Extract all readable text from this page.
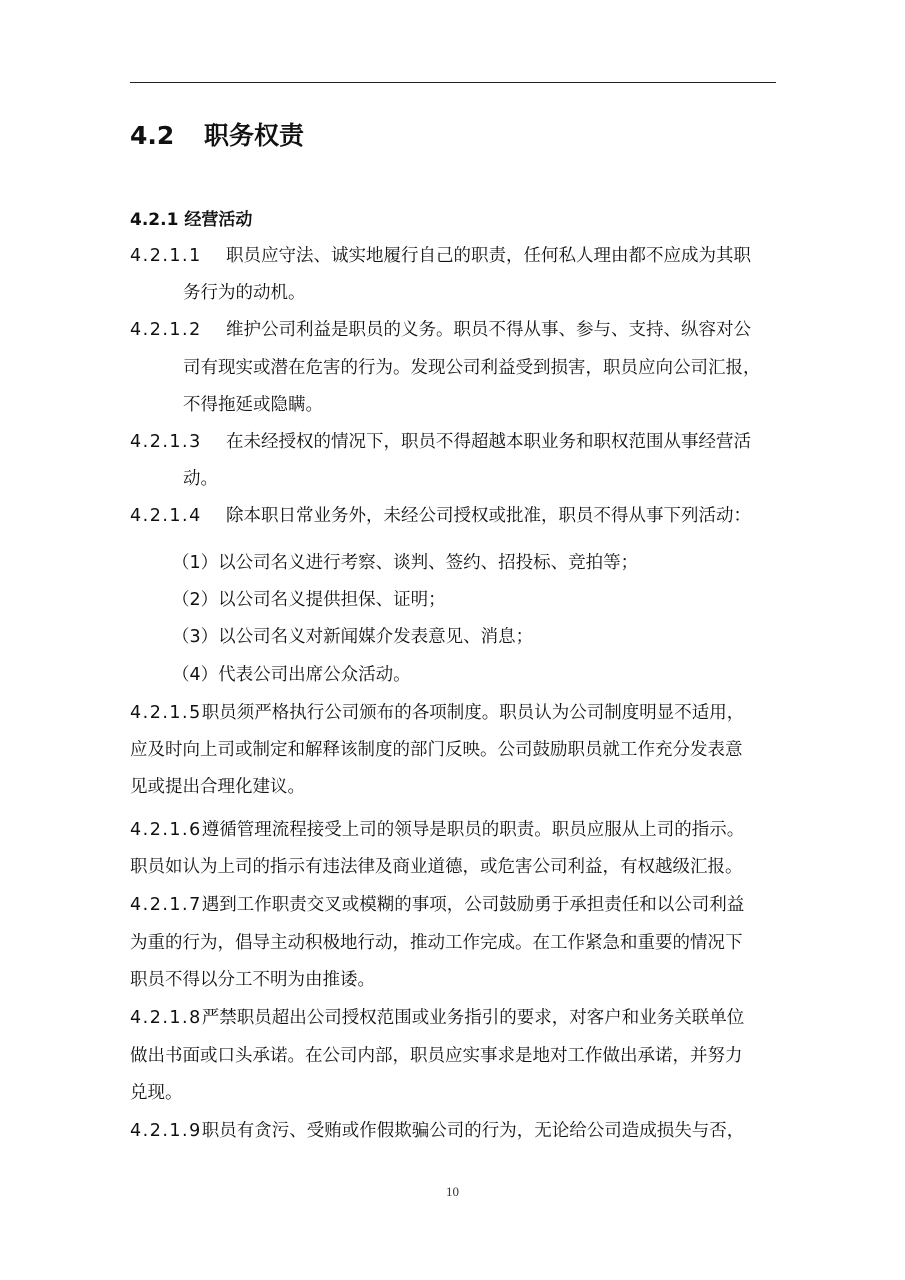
4.2 职务权责
4.2.1 经营活动
4.2.1.1 职员应守法、诚实地履行自己的职责，任何私人理由都不应成为其职
务行为的动机。
4.2.1.2 维护公司利益是职员的义务。职员不得从事、参与、支持、纵容对公
司有现实或潜在危害的行为。发现公司利益受到损害，职员应向公司汇报，
不得拖延或隐瞒。
4.2.1.3 在未经授权的情况下，职员不得超越本职业务和职权范围从事经营活
动。
4.2.1.4 除本职日常业务外，未经公司授权或批准，职员不得从事下列活动：
（1）以公司名义进行考察、谈判、签约、招投标、竞拍等；
（2）以公司名义提供担保、证明；
（3）以公司名义对新闻媒介发表意见、消息；
（4）代表公司出席公众活动。
4.2.1.5职员须严格执行公司颁布的各项制度。职员认为公司制度明显不适用，
应及时向上司或制定和解释该制度的部门反映。公司鼓励职员就工作充分发表意
见或提出合理化建议。
4.2.1.6遵循管理流程接受上司的领导是职员的职责。职员应服从上司的指示。
职员如认为上司的指示有违法律及商业道德，或危害公司利益，有权越级汇报。
4.2.1.7遇到工作职责交叉或模糊的事项，公司鼓励勇于承担责任和以公司利益
为重的行为，倡导主动积极地行动，推动工作完成。在工作紧急和重要的情况下
职员不得以分工不明为由推诿。
4.2.1.8严禁职员超出公司授权范围或业务指引的要求，对客户和业务关联单位
做出书面或口头承诺。在公司内部，职员应实事求是地对工作做出承诺，并努力
兑现。
4.2.1.9职员有贪污、受贿或作假欺骗公司的行为，无论给公司造成损失与否，
10
